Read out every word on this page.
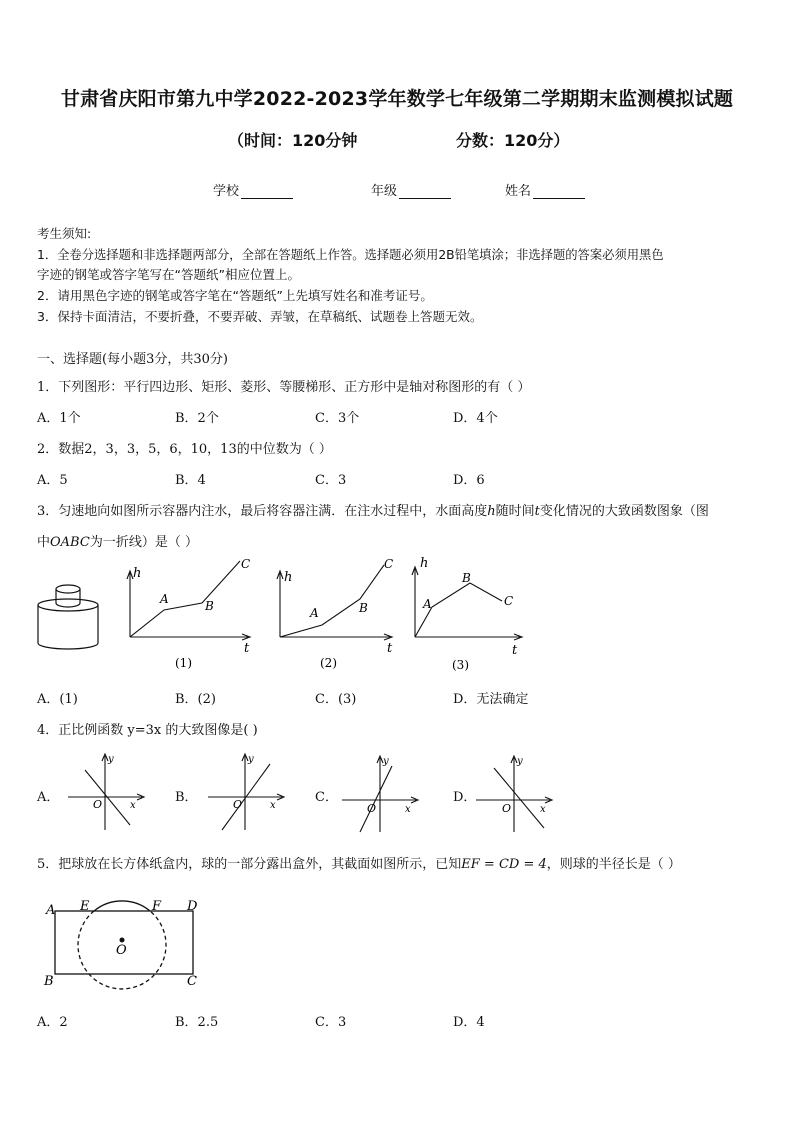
甘肃省庆阳市第九中学2022-2023学年数学七年级第二学期期末监测模拟试题
（时间：120分钟	分数：120分）
学校	年级	姓名
考生须知:
1．全卷分选择题和非选择题两部分，全部在答题纸上作答。选择题必须用2B铅笔填涂；非选择题的答案必须用黑色
字迹的钢笔或答字笔写在“答题纸”相应位置上。
2．请用黑色字迹的钢笔或答字笔在“答题纸”上先填写姓名和准考证号。
3．保持卡面清洁，不要折叠，不要弄破、弄皱，在草稿纸、试题卷上答题无效。
一、选择题(每小题3分，共30分)
1．下列图形：平行四边形、矩形、菱形、等腰梯形、正方形中是轴对称图形的有（ ）
A．1个	B．2个	C．3个	D．4个
2．数据2，3，3，5，6，10，13的中位数为（ ）
A．5	B．4	C．3	D．6
3．匀速地向如图所示容器内注水，最后将容器注满．在注水过程中，水面高度h随时间t变化情况的大致函数图象（图
中OABC为一折线）是（ ）
h
t
A	B
C
(1)
h
t
A	B
C
(2)
h
t
A
B
C
(3)
A．(1)	B．(2)	C．(3)	D．无法确定
4．正比例函数 y=3x 的大致图像是( )
A．	B．	C．	D．
y
x
O
y
x
O
y
x
O
y
x
O
5．把球放在长方体纸盒内，球的一部分露出盒外，其截面如图所示，已知EF = CD = 4，则球的半径长是（ ）
A E	F D
B	C
O
A．2	B．2.5	C．3	D．4
